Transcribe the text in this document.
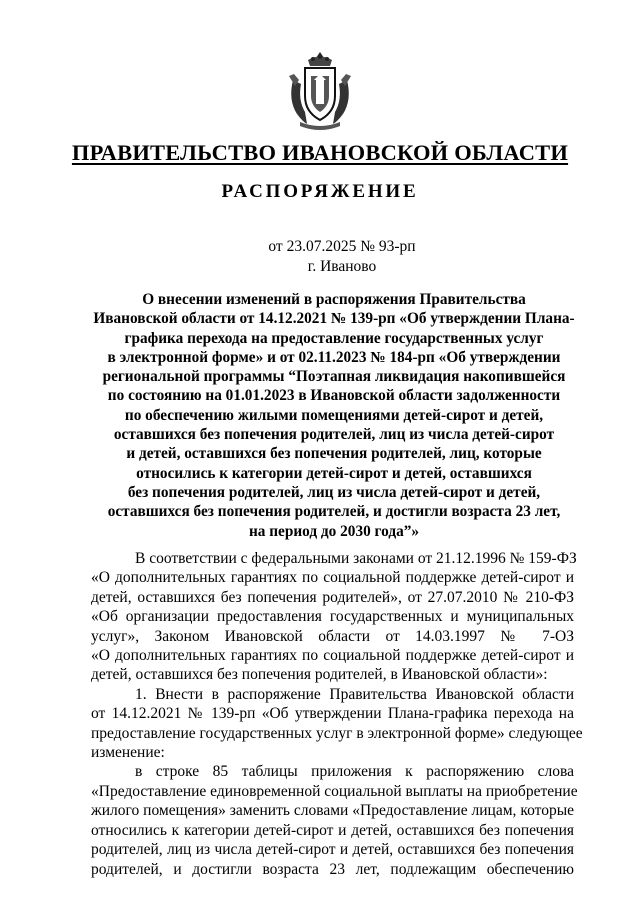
ПРАВИТЕЛЬСТВО ИВАНОВСКОЙ ОБЛАСТИ
РАСПОРЯЖЕНИЕ
от 23.07.2025 № 93-рп
г. Иваново
О внесении изменений в распоряжения Правительства
Ивановской области от 14.12.2021 № 139-рп «Об утверждении Плана-
графика перехода на предоставление государственных услуг
в электронной форме» и от 02.11.2023 № 184-рп «Об утверждении
региональной программы “Поэтапная ликвидация накопившейся
по состоянию на 01.01.2023 в Ивановской области задолженности
по обеспечению жилыми помещениями детей-сирот и детей,
оставшихся без попечения родителей, лиц из числа детей-сирот
и детей, оставшихся без попечения родителей, лиц, которые
относились к категории детей-сирот и детей, оставшихся
без попечения родителей, лиц из числа детей-сирот и детей,
оставшихся без попечения родителей, и достигли возраста 23 лет,
на период до 2030 года”»
В соответствии с федеральными законами от 21.12.1996 № 159-ФЗ
«О дополнительных гарантиях по социальной поддержке детей-сирот и
детей, оставшихся без попечения родителей», от 27.07.2010 № 210-ФЗ
«Об организации предоставления государственных и муниципальных
услуг», Законом Ивановской области от 14.03.1997 № 7-ОЗ
«О дополнительных гарантиях по социальной поддержке детей-сирот и
детей, оставшихся без попечения родителей, в Ивановской области»:
1. Внести в распоряжение Правительства Ивановской области
от 14.12.2021 № 139-рп «Об утверждении Плана-графика перехода на
предоставление государственных услуг в электронной форме» следующее
изменение:
в строке 85 таблицы приложения к распоряжению слова
«Предоставление единовременной социальной выплаты на приобретение
жилого помещения» заменить словами «Предоставление лицам, которые
относились к категории детей-сирот и детей, оставшихся без попечения
родителей, лиц из числа детей-сирот и детей, оставшихся без попечения
родителей, и достигли возраста 23 лет, подлежащим обеспечению
